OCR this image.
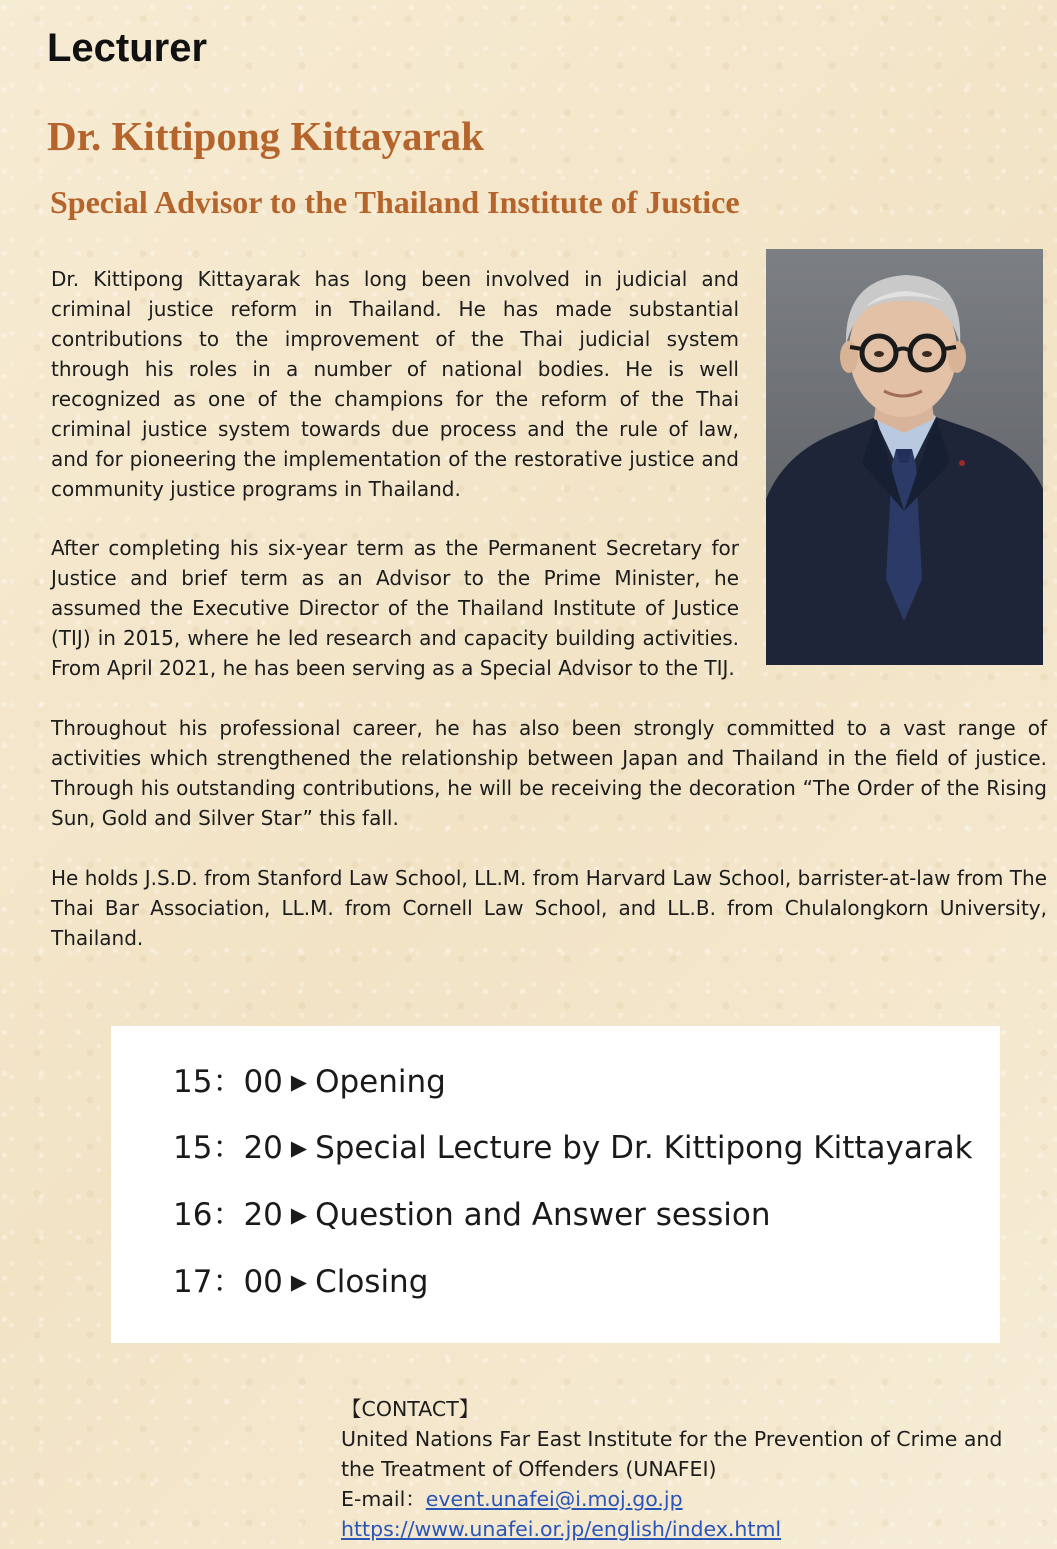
Lecturer
Dr. Kittipong Kittayarak
Special Advisor to the Thailand Institute of Justice

Dr. Kittipong Kittayarak has long been involved in judicial and criminal justice reform in Thailand. He has made substantial contributions to the improvement of the Thai judicial system through his roles in a number of national bodies. He is well recognized as one of the champions for the reform of the Thai criminal justice system towards due process and the rule of law, and for pioneering the implementation of the restorative justice and community justice programs in Thailand.

After completing his six-year term as the Permanent Secretary for Justice and brief term as an Advisor to the Prime Minister, he assumed the Executive Director of the Thailand Institute of Justice (TIJ) in 2015, where he led research and capacity building activities. From April 2021, he has been serving as a Special Advisor to the TIJ.

Throughout his professional career, he has also been strongly committed to a vast range of activities which strengthened the relationship between Japan and Thailand in the field of justice. Through his outstanding contributions, he will be receiving the decoration “The Order of the Rising Sun, Gold and Silver Star” this fall.

He holds J.S.D. from Stanford Law School, LL.M. from Harvard Law School, barrister-at-law from The Thai Bar Association, LL.M. from Cornell Law School, and LL.B. from Chulalongkorn University, Thailand.

15：00 ▶ Opening
15：20 ▶ Special Lecture by Dr. Kittipong Kittayarak
16：20 ▶ Question and Answer session
17：00 ▶ Closing
【CONTACT】
United Nations Far East Institute for the Prevention of Crime and
the Treatment of Offenders (UNAFEI)
E-mail：event.unafei@i.moj.go.jp
https://www.unafei.or.jp/english/index.html
